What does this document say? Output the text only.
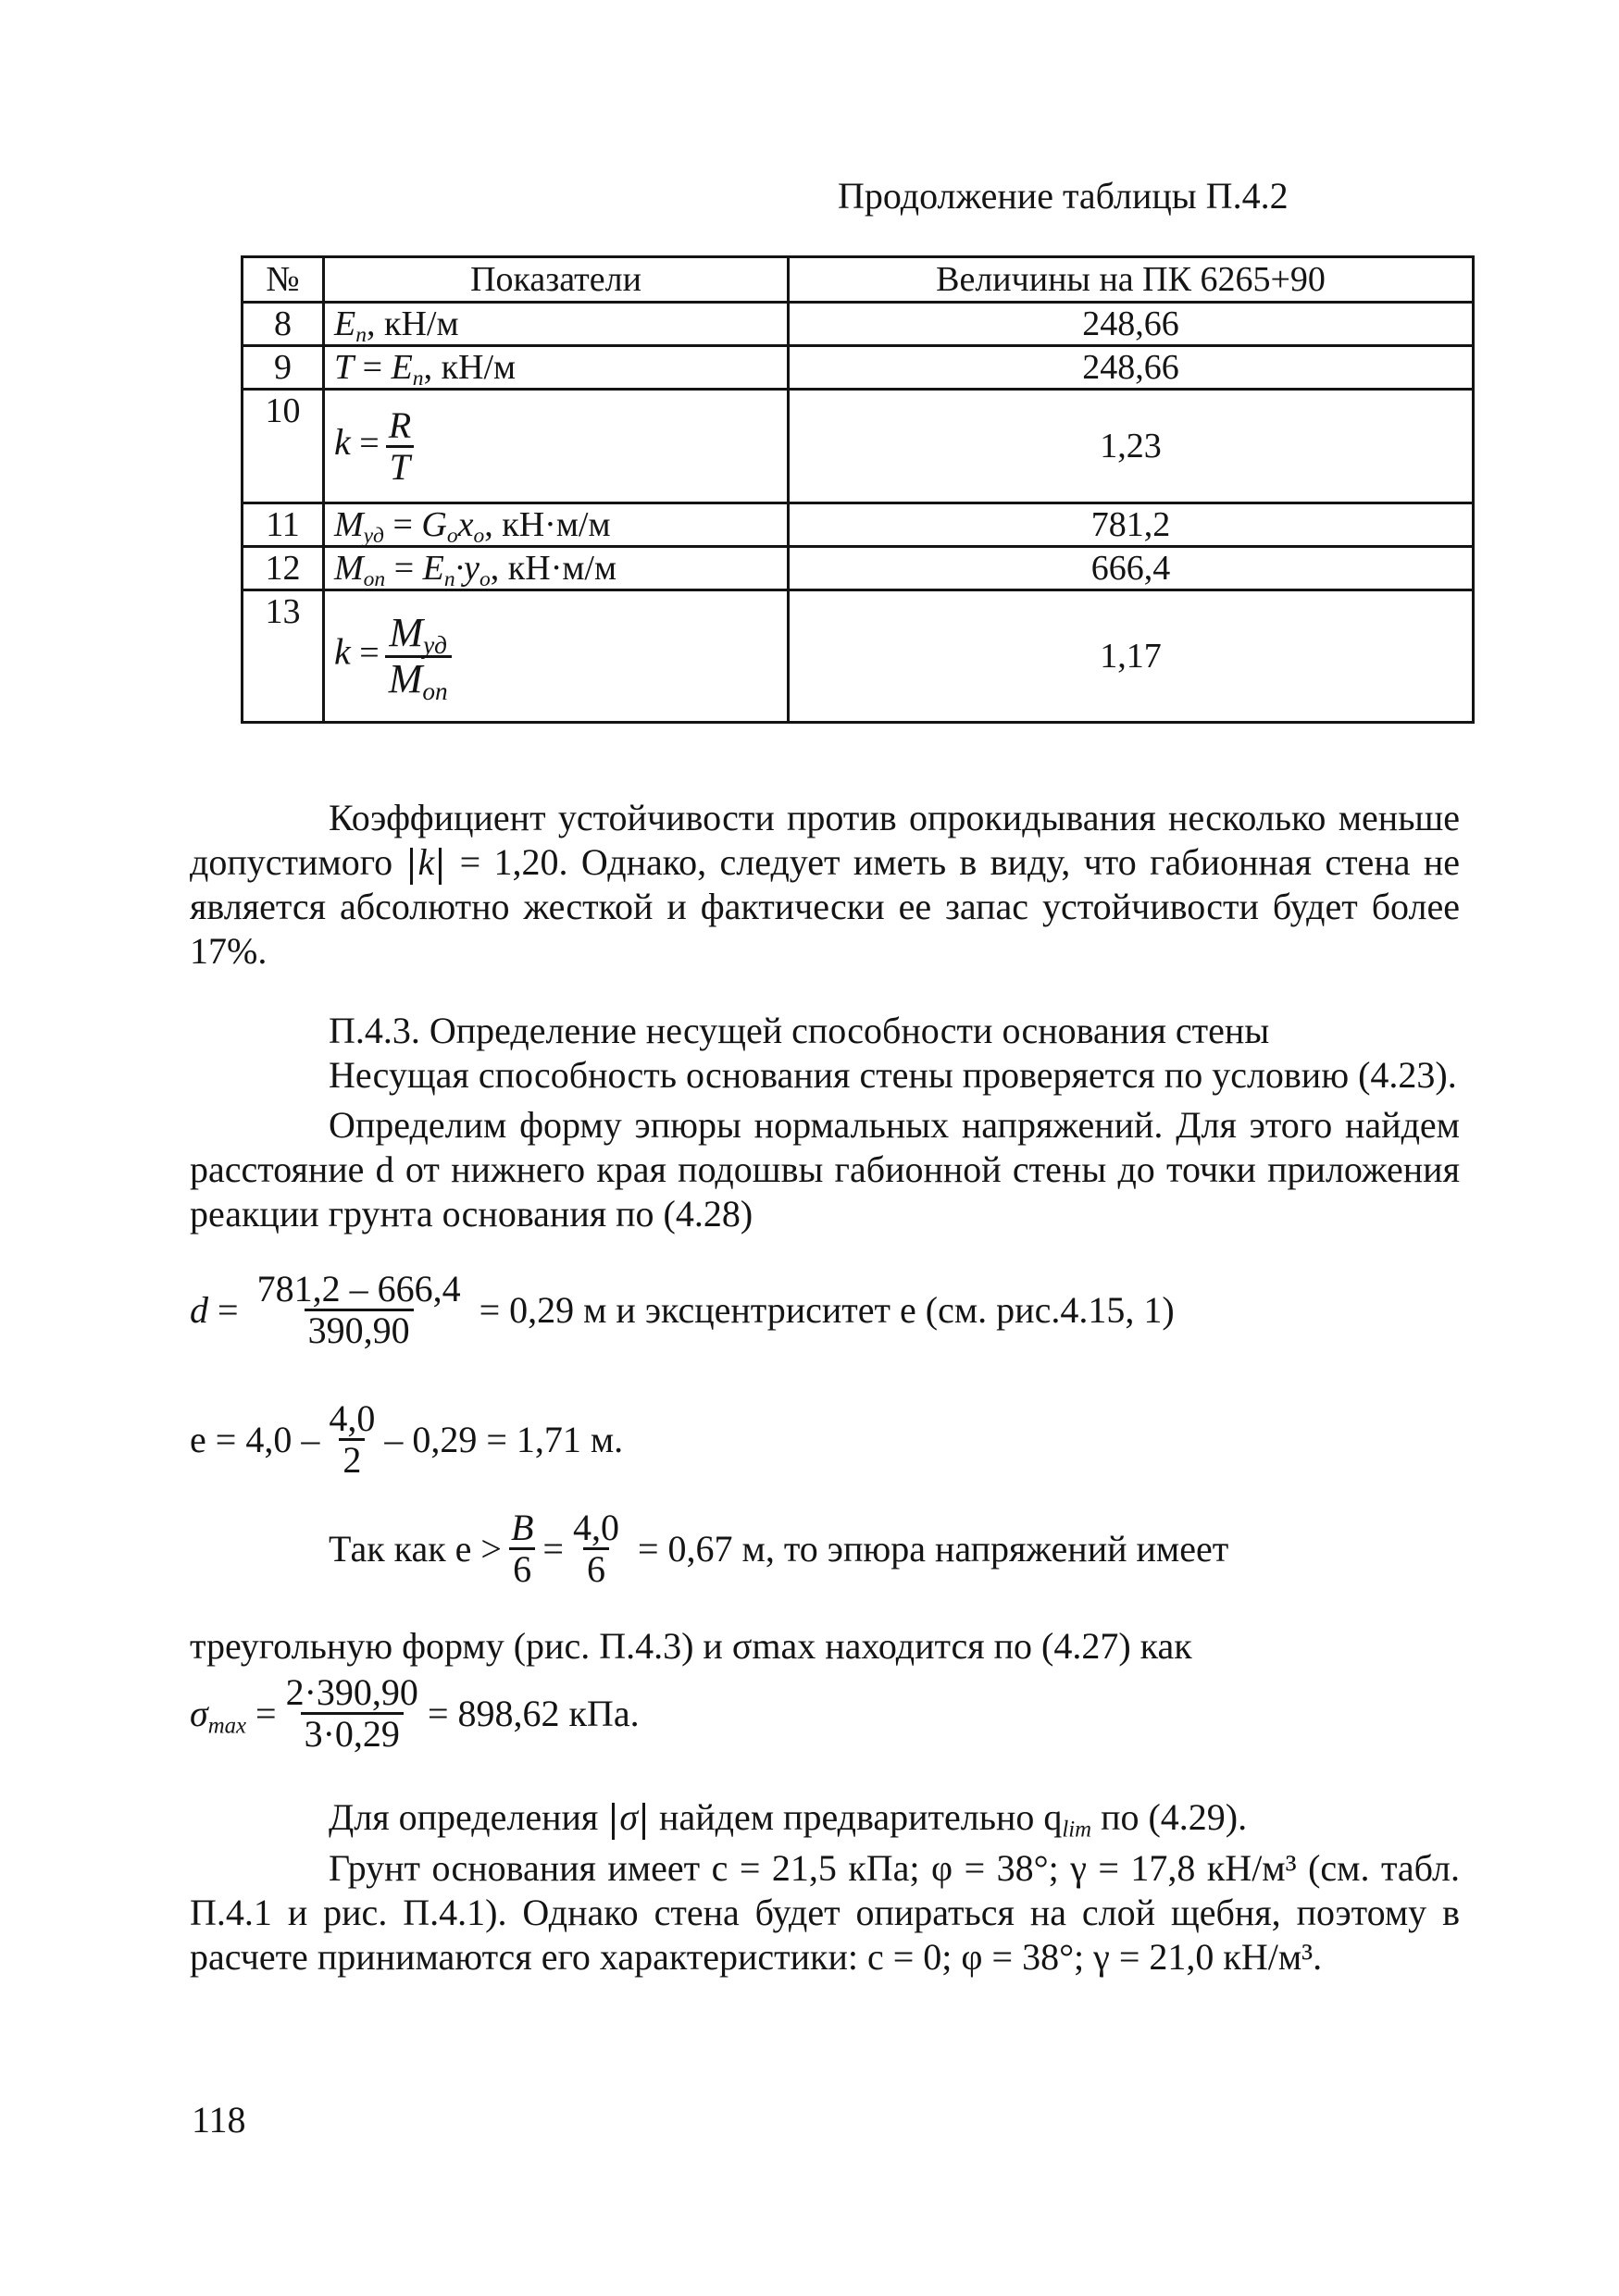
Продолжение таблицы П.4.2
№	Показатели	Величины на ПК 6265+90
8	$E_п$, кН/м	248,66
9	$T = E_п$, кН/м	248,66
10	$k = \frac{R}{T}$	1,23
11	$M_{уд} = G_ox_o$, кН·м/м	781,2
12	$M_{оп} = E_п\cdot y_o$, кН·м/м	666,4
13	$k = \frac{M_{уд}}{M_{оп}}$	1,17

Коэффициент устойчивости против опрокидывания несколько меньше допустимого k = 1,20. Однако, следует иметь в виду, что габионная стена не является абсолютно жесткой и фактически ее запас устойчивости будет более 17%.

П.4.3. Определение несущей способности основания стены

Несущая способность основания стены проверяется по условию (4.23).

Определим форму эпюры нормальных напряжений. Для этого найдем расстояние d от нижнего края подошвы габионной стены до точки приложения реакции грунта основания по (4.28)

$d = \frac{781,2 - 666,4}{390,90}$
= 0,29 м и эксцентриситет e (см. рис.4.15, 1)
$e = 4,0 - \frac{4,0}{2} - 0,29 = 1,71$ м.
Так как $e > \frac{B}{6} = \frac{4,0}{6}$
= 0,67 м, то эпюра напряжений имеет

треугольную форму (рис. П.4.3) и σmax находится по (4.27) как

$\sigma_{max} = \frac{2\cdot 390,90}{3\cdot 0,29} = 898,62$ кПа.

Для определения σ найдем предварительно $q_{lim}$ по (4.29).

Грунт основания имеет c = 21,5 кПа; φ = 38°; γ = 17,8 кН/м³ (см. табл. П.4.1 и рис. П.4.1). Однако стена будет опираться на слой щебня, поэтому в расчете принимаются его характеристики: c = 0; φ = 38°; γ = 21,0 кН/м³.

118
